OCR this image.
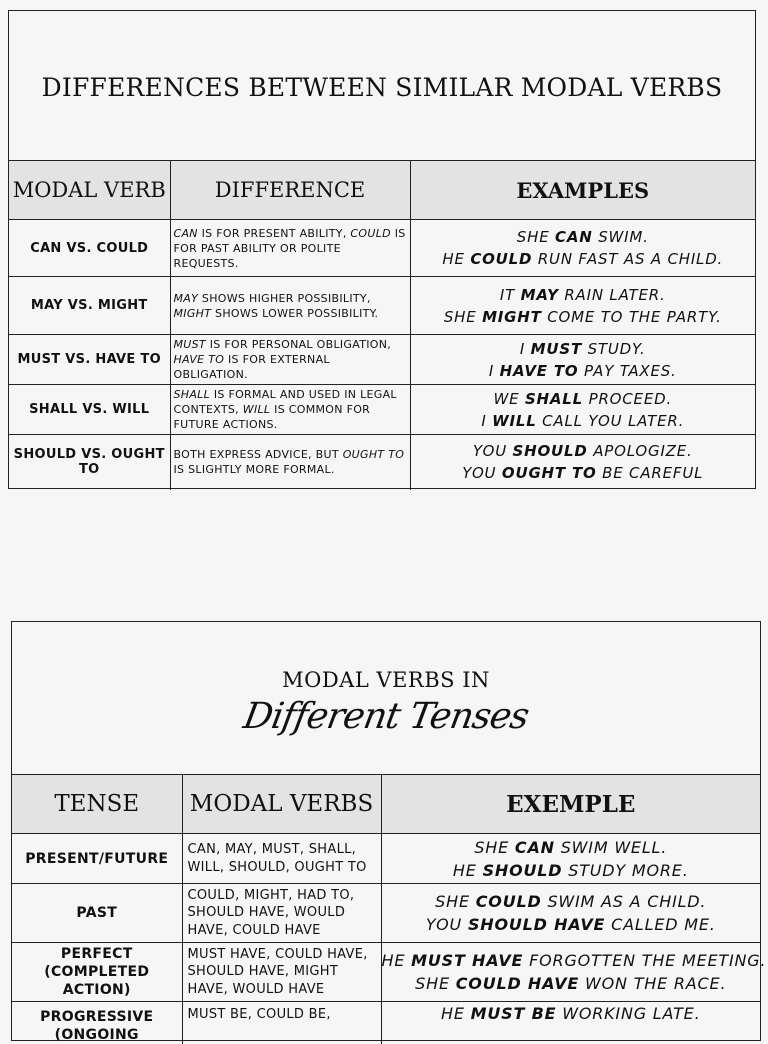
DIFFERENCES BETWEEN SIMILAR MODAL VERBS
MODAL VERB	DIFFERENCE	EXAMPLES
CAN VS. COULD	CAN IS FOR PRESENT ABILITY, COULD IS FOR PAST ABILITY OR POLITE REQUESTS.	SHE CAN SWIM.
HE COULD RUN FAST AS A CHILD.

MAY VS. MIGHT	MAY SHOWS HIGHER POSSIBILITY, MIGHT SHOWS LOWER POSSIBILITY.	IT MAY RAIN LATER.
SHE MIGHT COME TO THE PARTY.

MUST VS. HAVE TO	MUST IS FOR PERSONAL OBLIGATION, HAVE TO IS FOR EXTERNAL OBLIGATION.	I MUST STUDY.
I HAVE TO PAY TAXES.

SHALL VS. WILL	SHALL IS FORMAL AND USED IN LEGAL CONTEXTS, WILL IS COMMON FOR FUTURE ACTIONS.	WE SHALL PROCEED.
I WILL CALL YOU LATER.

SHOULD VS. OUGHT TO	BOTH EXPRESS ADVICE, BUT OUGHT TO IS SLIGHTLY MORE FORMAL.	YOU SHOULD APOLOGIZE.
YOU OUGHT TO BE CAREFUL
MODAL VERBS IN
Different Tenses
TENSE	MODAL VERBS	EXEMPLE
PRESENT/FUTURE	CAN, MAY, MUST, SHALL, WILL, SHOULD, OUGHT TO	SHE CAN SWIM WELL.
HE SHOULD STUDY MORE.

PAST	COULD, MIGHT, HAD TO, SHOULD HAVE, WOULD HAVE, COULD HAVE	SHE COULD SWIM AS A CHILD.
YOU SHOULD HAVE CALLED ME.

PERFECT (COMPLETED ACTION)	MUST HAVE, COULD HAVE, SHOULD HAVE, MIGHT HAVE, WOULD HAVE	HE MUST HAVE FORGOTTEN THE MEETING.
SHE COULD HAVE WON THE RACE.

PROGRESSIVE (ONGOING	MUST BE, COULD BE,	HE MUST BE WORKING LATE.
